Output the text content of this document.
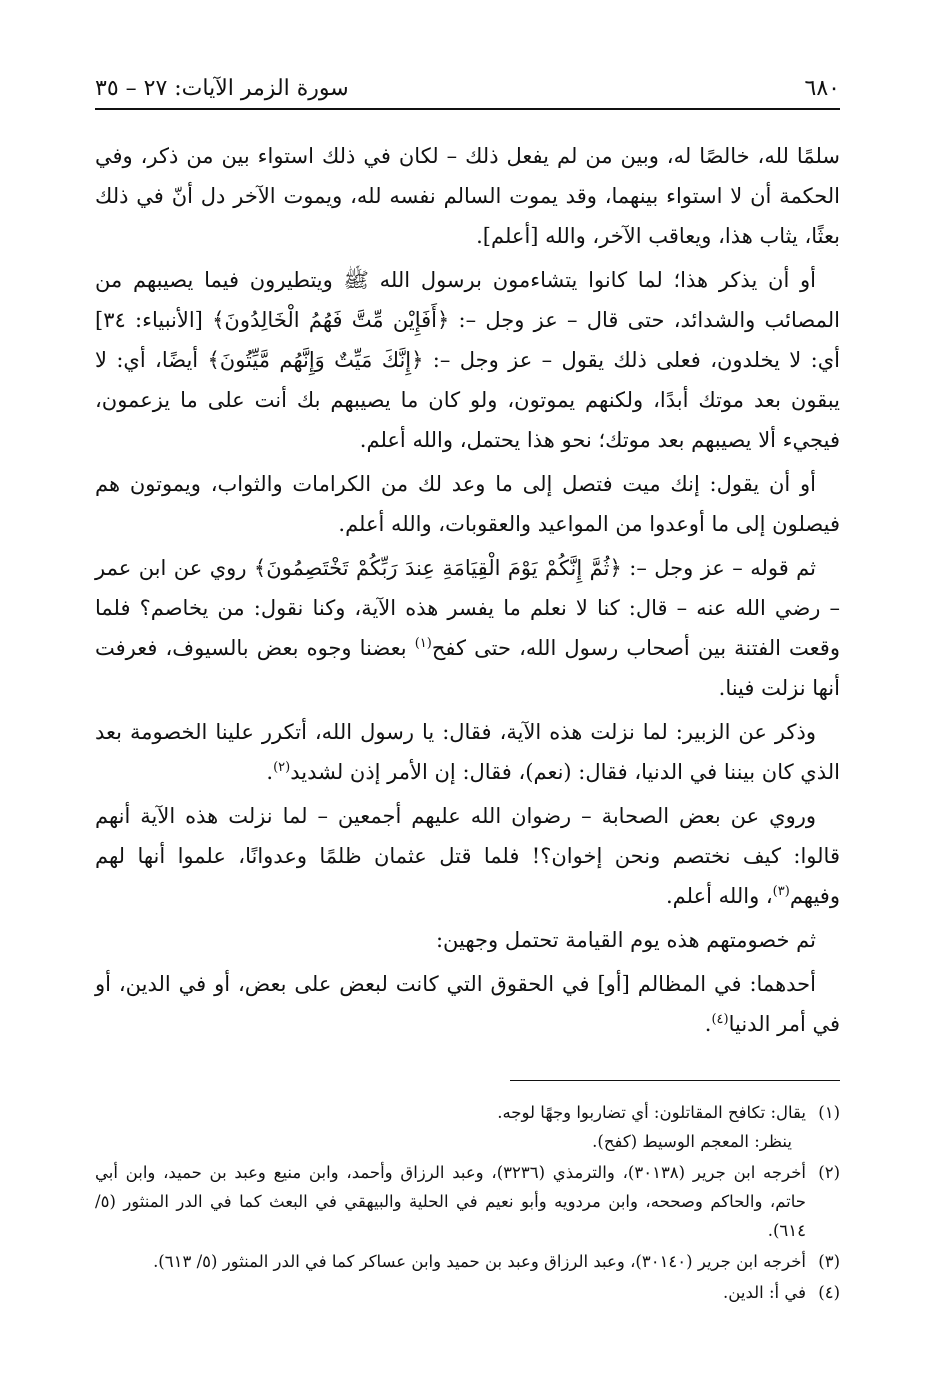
٦٨٠
سورة الزمر الآيات: ٢٧ – ٣٥

سلمًا لله، خالصًا له، وبين من لم يفعل ذلك – لكان في ذلك استواء بين من ذكر، وفي الحكمة أن لا استواء بينهما، وقد يموت السالم نفسه لله، ويموت الآخر دل أنّ في ذلك بعثًا، يثاب هذا، ويعاقب الآخر، والله [أعلم].

أو أن يذكر هذا؛ لما كانوا يتشاءمون برسول الله ﷺ ويتطيرون فيما يصيبهم من المصائب والشدائد، حتى قال – عز وجل –: ﴿أَفَإِيْن مِّتَّ فَهُمُ الْخَالِدُونَ﴾ [الأنبياء: ٣٤] أي: لا يخلدون، فعلى ذلك يقول – عز وجل –: ﴿إِنَّكَ مَيِّتٌ وَإِنَّهُم مَّيِّتُونَ﴾ أيضًا، أي: لا يبقون بعد موتك أبدًا، ولكنهم يموتون، ولو كان ما يصيبهم بك أنت على ما يزعمون، فيجيء ألا يصيبهم بعد موتك؛ نحو هذا يحتمل، والله أعلم.

أو أن يقول: إنك ميت فتصل إلى ما وعد لك من الكرامات والثواب، ويموتون هم فيصلون إلى ما أوعدوا من المواعيد والعقوبات، والله أعلم.

ثم قوله – عز وجل –: ﴿ثُمَّ إِنَّكُمْ يَوْمَ الْقِيَامَةِ عِندَ رَبِّكُمْ تَخْتَصِمُونَ﴾ روي عن ابن عمر – رضي الله عنه – قال: كنا لا نعلم ما يفسر هذه الآية، وكنا نقول: من يخاصم؟ فلما وقعت الفتنة بين أصحاب رسول الله، حتى كفح$^{(١)}$ بعضنا وجوه بعض بالسيوف، فعرفت أنها نزلت فينا.

وذكر عن الزبير: لما نزلت هذه الآية، فقال: يا رسول الله، أتكرر علينا الخصومة بعد الذي كان بيننا في الدنيا، فقال: (نعم)، فقال: إن الأمر إذن لشديد$^{(٢)}$.

وروي عن بعض الصحابة – رضوان الله عليهم أجمعين – لما نزلت هذه الآية أنهم قالوا: كيف نختصم ونحن إخوان؟! فلما قتل عثمان ظلمًا وعدوانًا، علموا أنها لهم وفيهم$^{(٣)}$، والله أعلم.

ثم خصومتهم هذه يوم القيامة تحتمل وجهين:

أحدهما: في المظالم [أو] في الحقوق التي كانت لبعض على بعض، أو في الدين، أو في أمر الدنيا$^{(٤)}$.

(١)
يقال: تكافح المقاتلون: أي تضاربوا وجهًا لوجه.
ينظر: المعجم الوسيط (كفح).
(٢)
أخرجه ابن جرير (٣٠١٣٨)، والترمذي (٣٢٣٦)، وعبد الرزاق وأحمد، وابن منيع وعبد بن حميد، وابن أبي حاتم، والحاكم وصححه، وابن مردويه وأبو نعيم في الحلية والبيهقي في البعث كما في الدر المنثور (٥/ ٦١٤).
(٣)
أخرجه ابن جرير (٣٠١٤٠)، وعبد الرزاق وعبد بن حميد وابن عساكر كما في الدر المنثور (٥/ ٦١٣).
(٤)
في أ: الدين.
